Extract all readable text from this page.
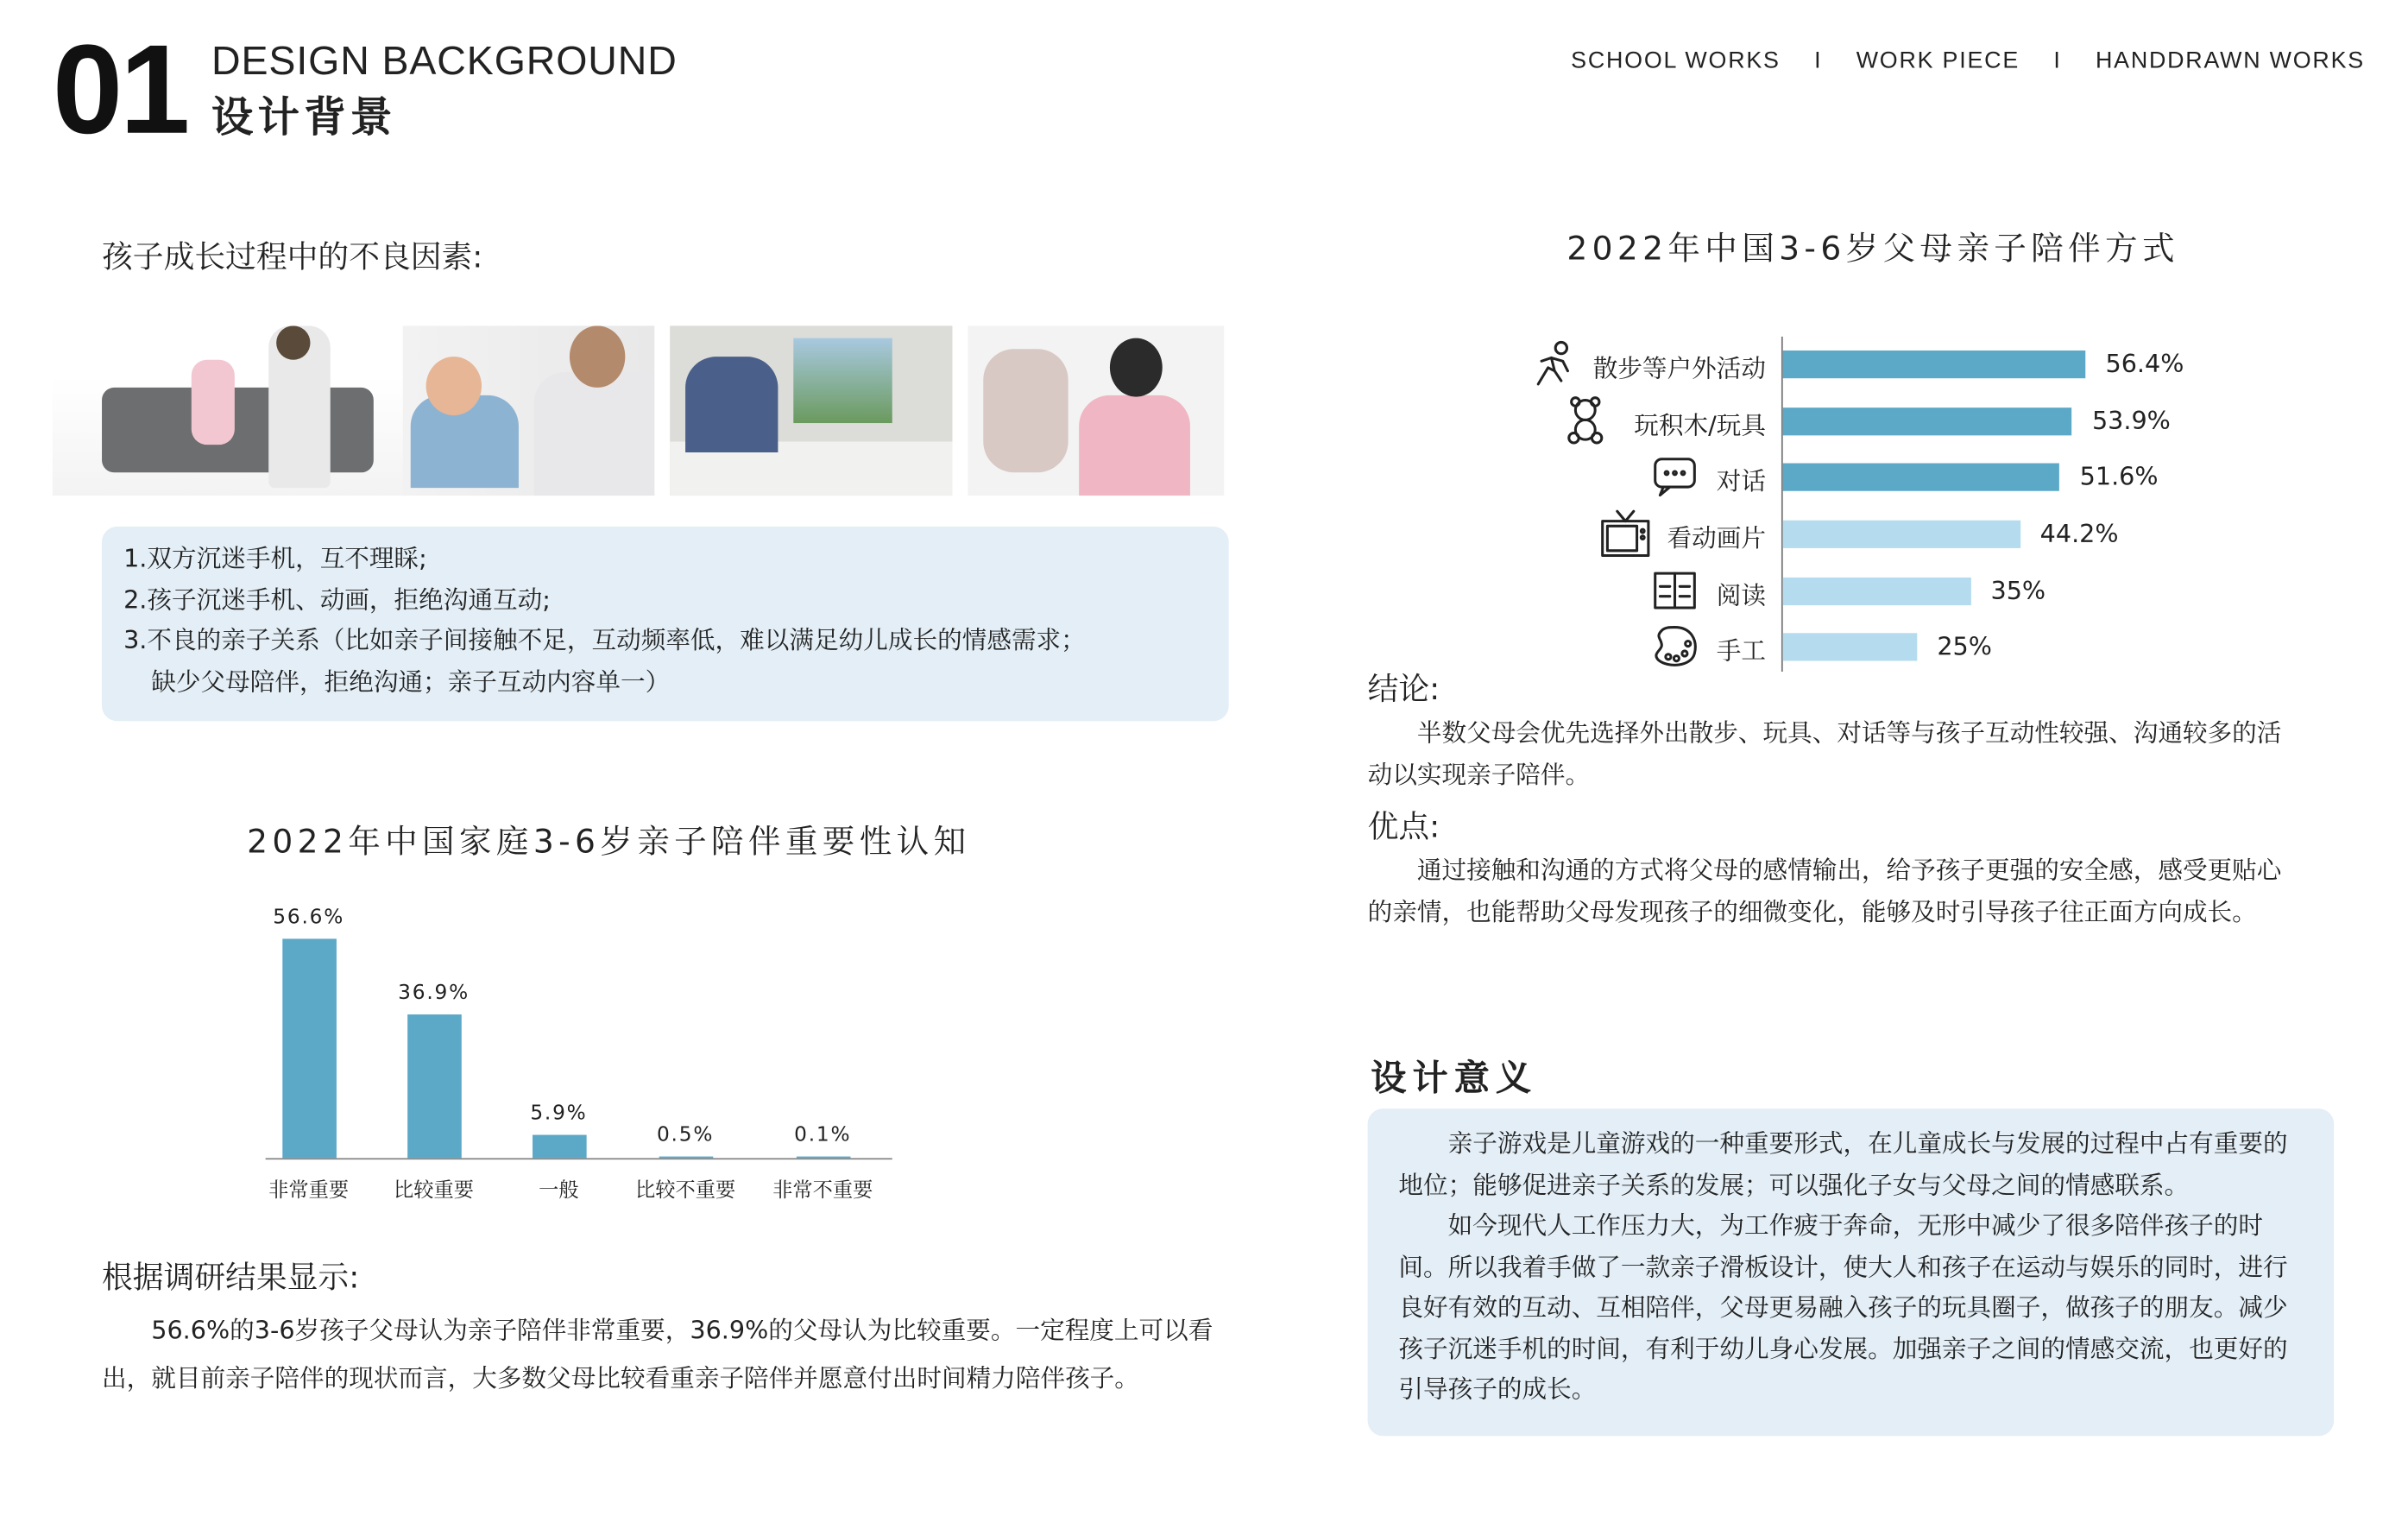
01 DESIGN BACKGROUND
设计背景
SCHOOL WORKS	I	WORK PIECE	I	HANDDRAWN WORKS
孩子成长过程中的不良因素:

1.双方沉迷手机，互不理睬;

2.孩子沉迷手机、动画，拒绝沟通互动;

3.不良的亲子关系（比如亲子间接触不足，互动频率低，难以满足幼儿成长的情感需求；

缺少父母陪伴，拒绝沟通；亲子互动内容单一）

2022年中国家庭3-6岁亲子陪伴重要性认知
56.6%
非常重要
36.9%
比较重要
5.9%
一般
0.5%
比较不重要
0.1%
非常不重要
根据调研结果显示:

56.6%的3-6岁孩子父母认为亲子陪伴非常重要，36.9%的父母认为比较重要。一定程度上可以看出，就目前亲子陪伴的现状而言，大多数父母比较看重亲子陪伴并愿意付出时间精力陪伴孩子。

2022年中国3-6岁父母亲子陪伴方式
56.4%
散步等户外活动
53.9%
玩积木/玩具
51.6%
对话
44.2%
看动画片
35%
阅读
25%
手工
结论:

半数父母会优先选择外出散步、玩具、对话等与孩子互动性较强、沟通较多的活动以实现亲子陪伴。

优点:

通过接触和沟通的方式将父母的感情输出，给予孩子更强的安全感，感受更贴心的亲情，也能帮助父母发现孩子的细微变化，能够及时引导孩子往正面方向成长。

设计意义

亲子游戏是儿童游戏的一种重要形式，在儿童成长与发展的过程中占有重要的地位；能够促进亲子关系的发展；可以强化子女与父母之间的情感联系。

如今现代人工作压力大，为工作疲于奔命，无形中减少了很多陪伴孩子的时间。所以我着手做了一款亲子滑板设计，使大人和孩子在运动与娱乐的同时，进行良好有效的互动、互相陪伴，父母更易融入孩子的玩具圈子，做孩子的朋友。减少孩子沉迷手机的时间，有利于幼儿身心发展。加强亲子之间的情感交流，也更好的引导孩子的成长。
